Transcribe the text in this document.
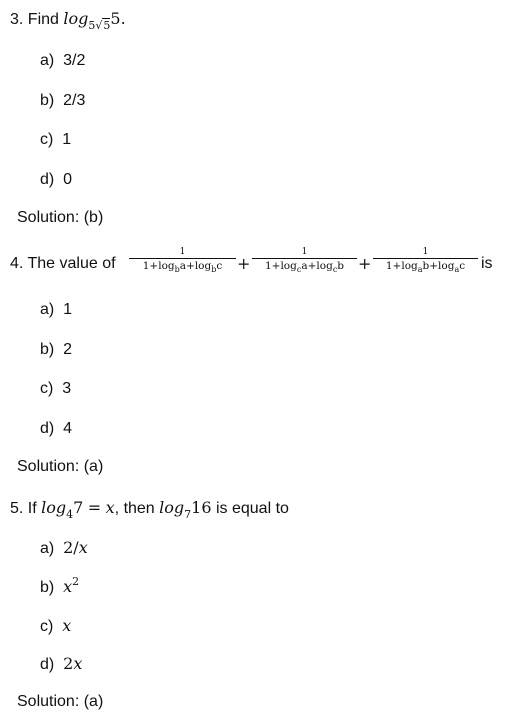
3. Find $\log_{5√5}5$.
a) 3/2
b) 2/3
c) 1
d) 0
Solution: (b)
4. The value of
1
$1+\log_ba+\log_bc$ +
1
$1+\log_ca+\log_cb$ +
1
$1+\log_ab+\log_ac$ is
a) 1
b) 2
c) 3
d) 4
Solution: (a)
5. If $\log_47 = x$, then $\log_716$ is equal to
a) 2/x
b) $x^2$
c) x
d) 2x
Solution: (a)
